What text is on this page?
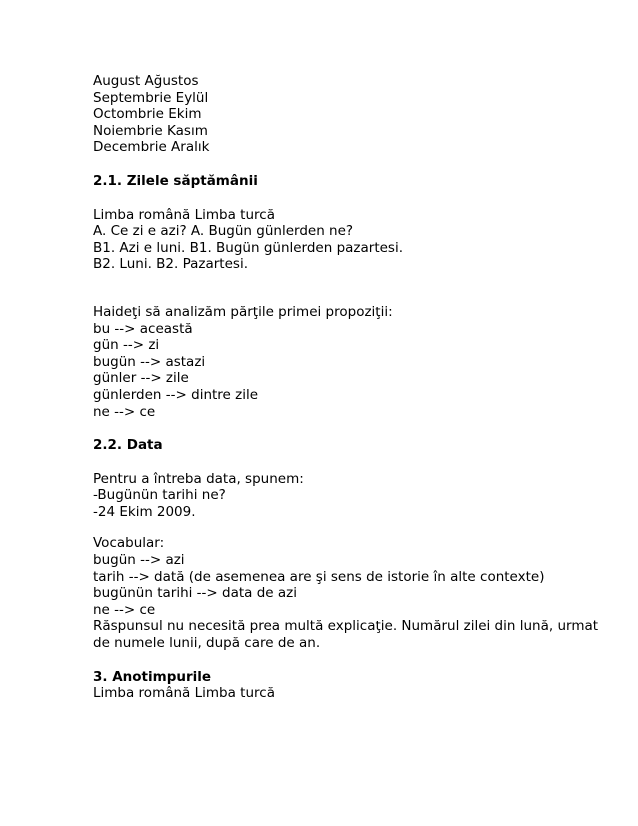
August Ağustos
Septembrie Eylül
Octombrie Ekim
Noiembrie Kasım
Decembrie Aralık
2.1. Zilele săptămânii
Limba română Limba turcă
A. Ce zi e azi? A. Bugün günlerden ne?
B1. Azi e luni. B1. Bugün günlerden pazartesi.
B2. Luni. B2. Pazartesi.
Haideţi să analizăm părţile primei propoziţii:
bu --> această
gün --> zi
bugün --> astazi
günler --> zile
günlerden --> dintre zile
ne --> ce
2.2. Data
Pentru a întreba data, spunem:
-Bugünün tarihi ne?
-24 Ekim 2009.
Vocabular:
bugün --> azi
tarih --> dată (de asemenea are şi sens de istorie în alte contexte)
bugünün tarihi --> data de azi
ne --> ce
Răspunsul nu necesită prea multă explicaţie. Numărul zilei din lună, urmat de numele lunii, după care de an.
3. Anotimpurile
Limba română Limba turcă
